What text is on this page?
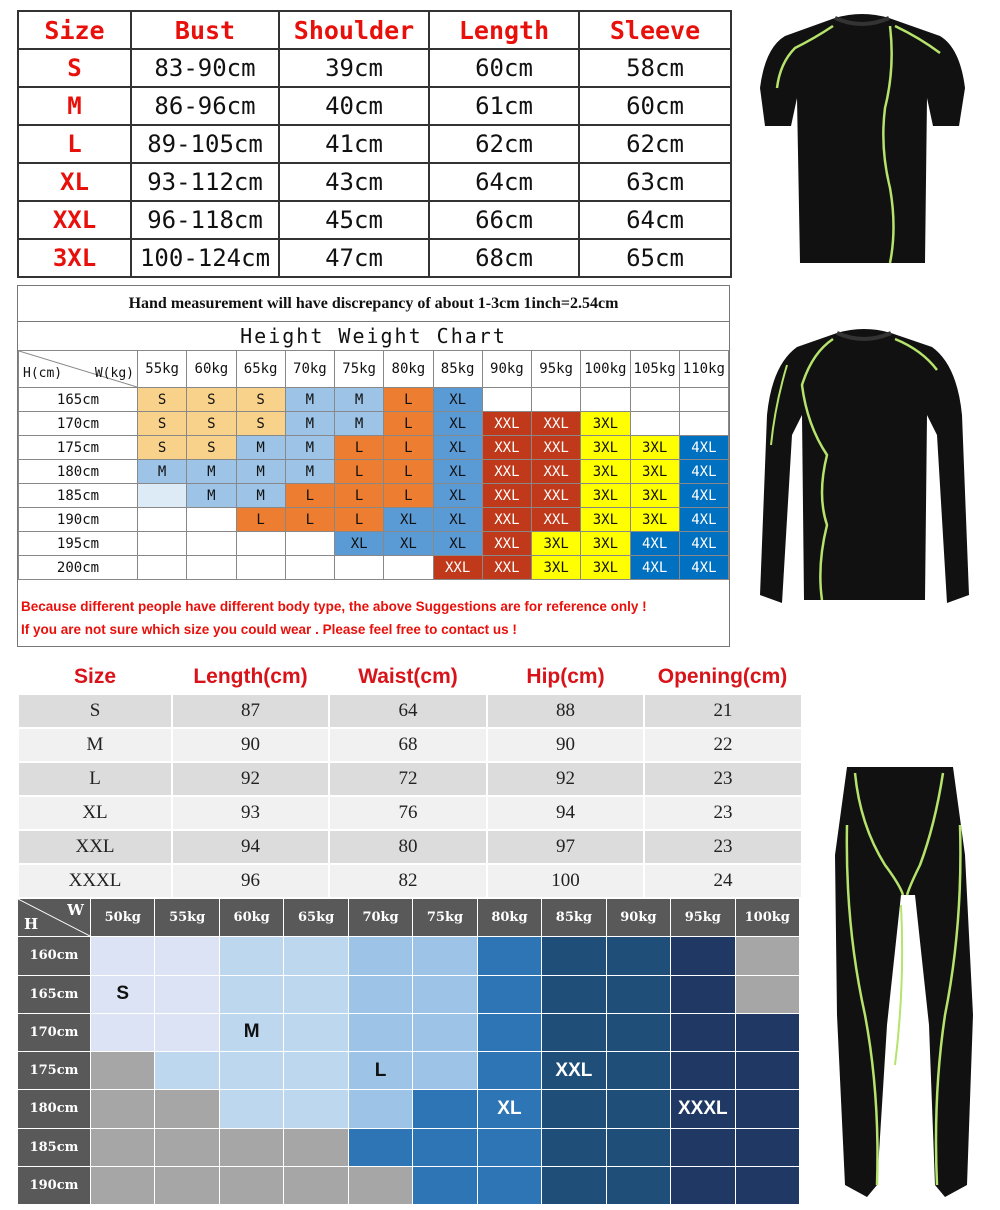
Size	Bust	Shoulder	Length	Sleeve
S	83-90cm	39cm	60cm	58cm
M	86-96cm	40cm	61cm	60cm
L	89-105cm	41cm	62cm	62cm
XL	93-112cm	43cm	64cm	63cm
XXL	96-118cm	45cm	66cm	64cm
3XL	100-124cm	47cm	68cm	65cm
Hand measurement will have discrepancy of about 1-3cm 1inch=2.54cm
Height Weight Chart
H(cm) W(kg)	55kg	60kg	65kg	70kg	75kg	80kg	85kg	90kg	95kg	100kg	105kg	110kg
165cm	S	S	S	M	M	L	XL					
170cm	S	S	S	M	M	L	XL	XXL	XXL	3XL		
175cm	S	S	M	M	L	L	XL	XXL	XXL	3XL	3XL	4XL
180cm	M	M	M	M	L	L	XL	XXL	XXL	3XL	3XL	4XL
185cm		M	M	L	L	L	XL	XXL	XXL	3XL	3XL	4XL
190cm			L	L	L	XL	XL	XXL	XXL	3XL	3XL	4XL
195cm					XL	XL	XL	XXL	3XL	3XL	4XL	4XL
200cm							XXL	XXL	3XL	3XL	4XL	4XL
Because different people have different body type, the above Suggestions are for reference only !
If you are not sure which size you could wear . Please feel free to contact us !
Size	Length(cm)	Waist(cm)	Hip(cm)	Opening(cm)
S	87	64	88	21
M	90	68	90	22
L	92	72	92	23
XL	93	76	94	23
XXL	94	80	97	23
XXXL	96	82	100	24
H
W	50kg	55kg	60kg	65kg	70kg	75kg	80kg	85kg	90kg	95kg	100kg
160cm											
165cm	S										
170cm			M								
175cm					L			XXL			
180cm							XL			XXXL	
185cm											
190cm											
